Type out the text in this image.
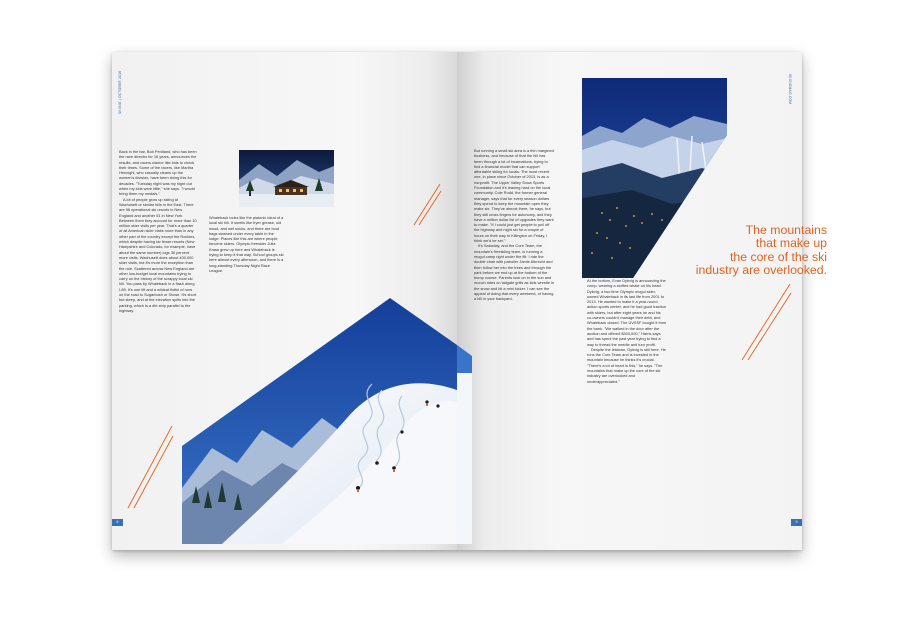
SKIING | OCTOBER 2016

Back in the bar, Bob Pentland, who has been the race director for 16 years, announces the results, and racers clamor like kids to check their times. Some of the racers, like Martha Hennighi, who casually cleans up the women's division, have been doing this for decades. "Tuesday night was my night out when my kids were little," she says. "I would bring them my medals."

A lot of people grow up skiing at Wachusett or similar hills in the East. There are 96 operational ski resorts in New England and another 51 in New York. Between them they account for more than 10 million skier visits per year. That's a quarter of all American skier visits more than in any other part of the country except the Rockies, which despite having far fewer resorts (New Hampshire and Colorado, for example, have about the same number) logs 36 percent more visits. Wachusett does about 400,000 skier visits, but it's more the exception than the rule. Scattered across New England are other low-budget local mountains trying to carry on the history of the scrappy local ski hill. You pass by Whaleback in a flash along I-89. It's one lift and a wildcat fistful of runs on the road to Sugarbush or Stowe. It's short but steep, and at the elevation splits into the parking, which is a dirt strip parallel to the highway.

Whaleback looks like the platonic ideal of a local ski hill. It smells like fryer grease, old wood, and wet socks, and there are boot bags stashed under every table in the lodge. Places like this are where people become skiers. Olympic freeskier Julia Krass grew up here and Whaleback is trying to keep it that way. School groups ski here almost every afternoon, and there is a long-standing Thursday Night Race League.

6
SKIINGMAG.COM

But running a small ski area is a thin margined business, and because of that the hill has been through a lot of incarnations, trying to find a financial model that can support affordable skiing for locals. The most recent one, in place since October of 2013, is as a nonprofit. The Upper Valley Snow Sports Foundation and it's leaning hard on the local community. Cole Rudd, the former general manager, says that for every season dollars they spend to keep the mountain open they make six. They've almost there, he says, but they still cross fingers for autonomy, and they have a million dollar list of upgrades they want to make. "If I could just get people to pull off the highway and night ski for a couple of hours on their way to Killington on Friday, I think we'd be set."

It's Saturday, and the Core Team, the mountain's freeskiing team, is running a mogul camp right under the lift. I ride the double chair with patroller Jamie Albrecht and then follow her into the trees and through the park before we end up at the bottom of the bump course. Parents look on in the sun and mooch rides on tailgate grills as kids wrestle in the snow and hit a mini kicker. I can see the appeal of doing that every weekend, of having a hill in your backyard.

The mountains
that make up
the core of the ski
industry are overlooked.

At the bottom, Evan Dybvig is announcing the comp, wearing a stuffed whale on his head. Dybvig, a two time Olympic mogul skier, owned Whaleback in its last life from 2001 to 2013. He wanted to make it a year-round action sports center, and he had good traction with skiers, but after eight years he and his co-owners couldn't manage their debt, and Whaleback closed. The UVSSF bought it from the bank. "We walked in the door after the auction and offered $300,000," Harris says and has spent the past year trying to find a way to thread the needle and turn profit.

Despite the letdown, Dybvig is still here. He runs the Core Team and is invested in the mountain because he thinks it's crucial. "There's a lot of heart in this," he says. "The mountains that make up the core of the ski industry are overlooked and underappreciated."

9
